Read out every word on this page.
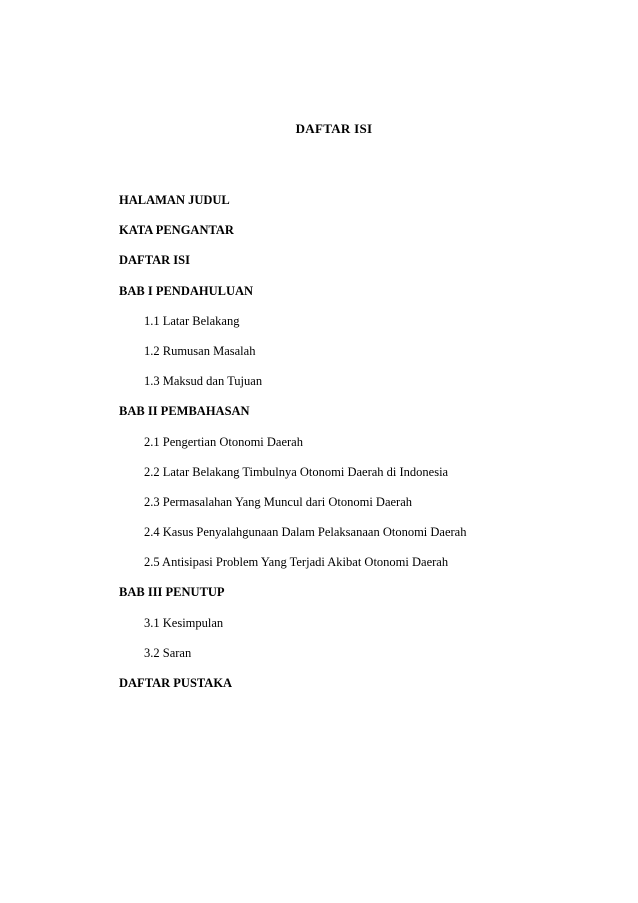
DAFTAR ISI
HALAMAN JUDUL
KATA PENGANTAR
DAFTAR ISI
BAB I PENDAHULUAN
1.1 Latar Belakang
1.2 Rumusan Masalah
1.3 Maksud dan Tujuan
BAB II PEMBAHASAN
2.1 Pengertian Otonomi Daerah
2.2 Latar Belakang Timbulnya Otonomi Daerah di Indonesia
2.3 Permasalahan Yang Muncul dari Otonomi Daerah
2.4 Kasus Penyalahgunaan Dalam Pelaksanaan Otonomi Daerah
2.5 Antisipasi Problem Yang Terjadi Akibat Otonomi Daerah
BAB III PENUTUP
3.1 Kesimpulan
3.2 Saran
DAFTAR PUSTAKA
